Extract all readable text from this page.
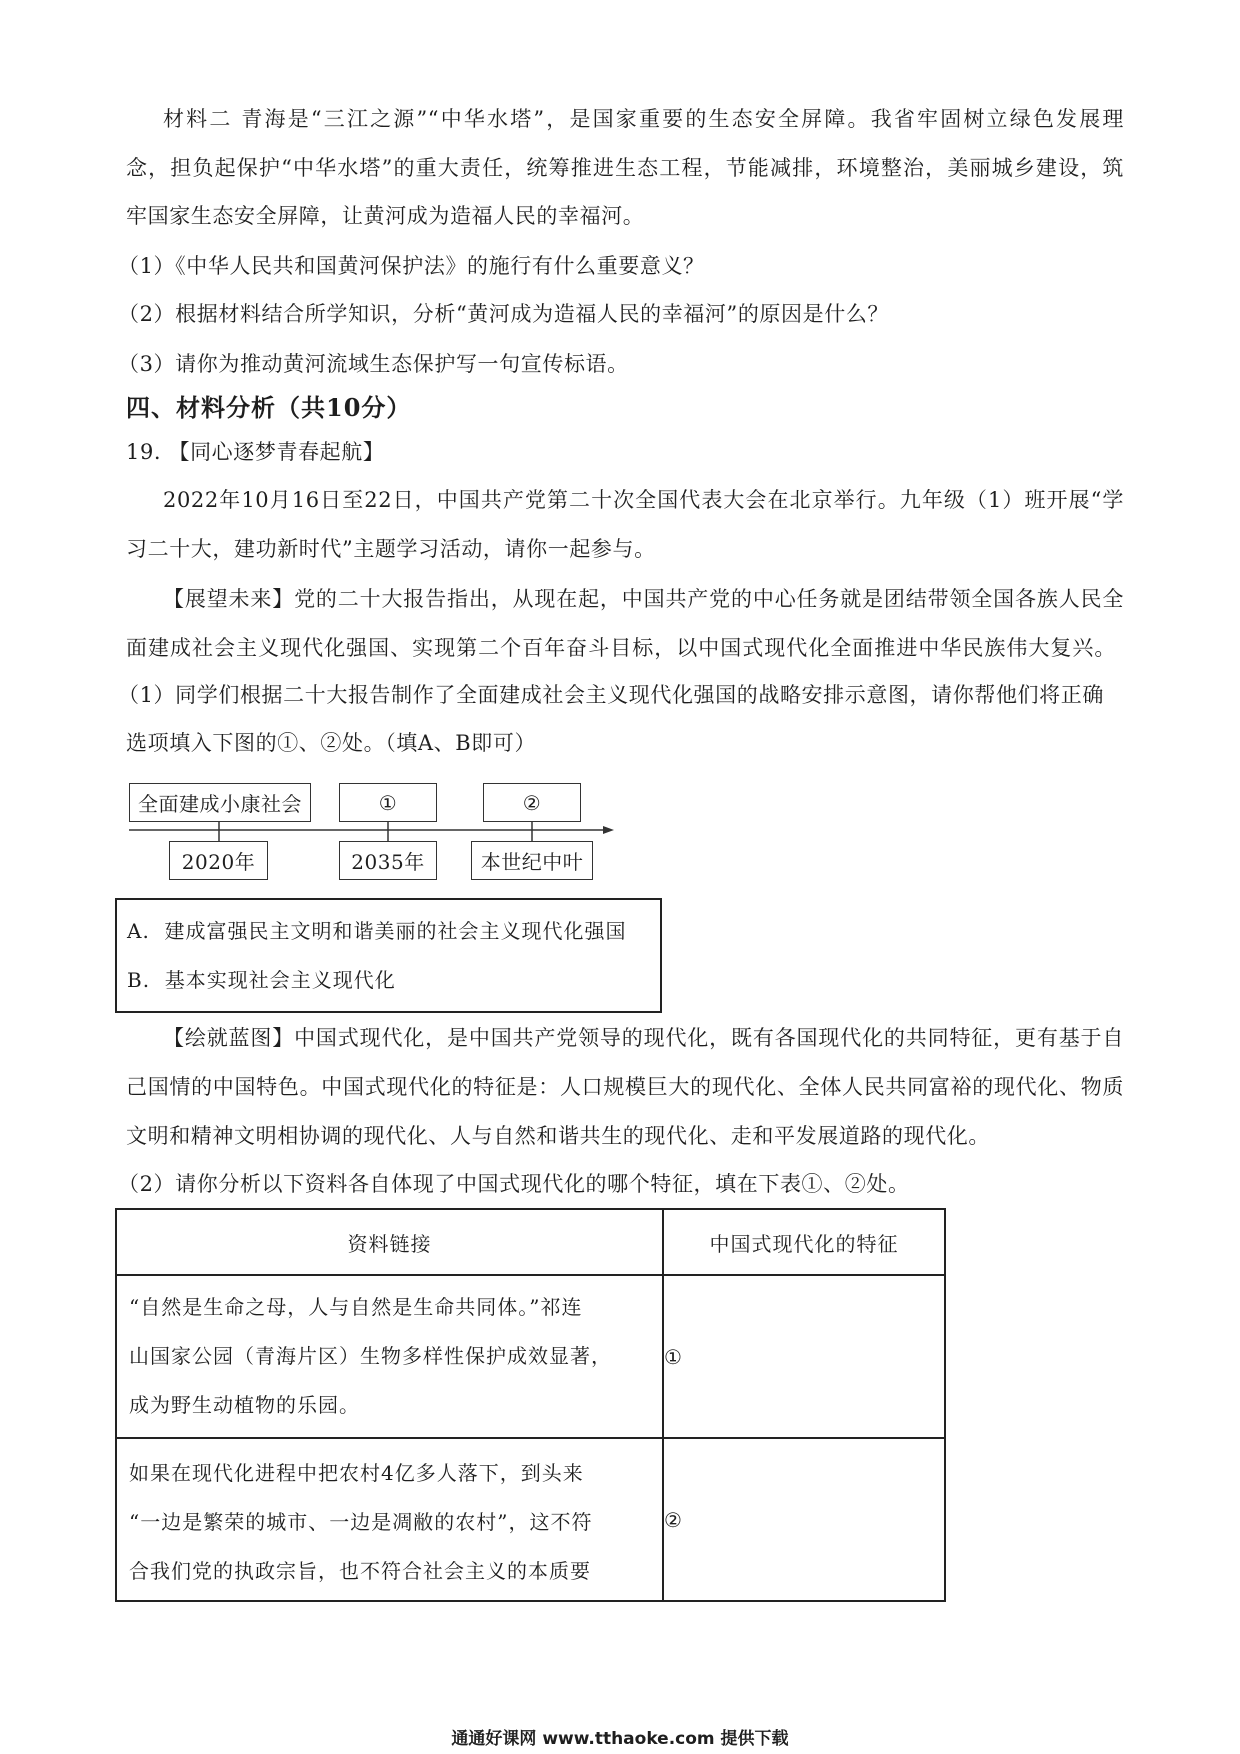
材料二 青海是“三江之源”“中华水塔”，是国家重要的生态安全屏障。我省牢固树立绿色发展理
念，担负起保护“中华水塔”的重大责任，统筹推进生态工程，节能减排，环境整治，美丽城乡建设，筑
牢国家生态安全屏障，让黄河成为造福人民的幸福河。
（1）《中华人民共和国黄河保护法》的施行有什么重要意义？
（2）根据材料结合所学知识，分析“黄河成为造福人民的幸福河”的原因是什么？
（3）请你为推动黄河流域生态保护写一句宣传标语。
四、材料分析（共10分）
19. 【同心逐梦青春起航】
2022年10月16日至22日，中国共产党第二十次全国代表大会在北京举行。九年级（1）班开展“学
习二十大，建功新时代”主题学习活动，请你一起参与。
【展望未来】党的二十大报告指出，从现在起，中国共产党的中心任务就是团结带领全国各族人民全
面建成社会主义现代化强国、实现第二个百年奋斗目标，以中国式现代化全面推进中华民族伟大复兴。
（1）同学们根据二十大报告制作了全面建成社会主义现代化强国的战略安排示意图，请你帮他们将正确
选项填入下图的①、②处。（填A、B即可）
全面建成小康社会	①	②
2020年	2035年	本世纪中叶
A.  建成富强民主文明和谐美丽的社会主义现代化强国
B.  基本实现社会主义现代化
【绘就蓝图】中国式现代化，是中国共产党领导的现代化，既有各国现代化的共同特征，更有基于自
己国情的中国特色。中国式现代化的特征是：人口规模巨大的现代化、全体人民共同富裕的现代化、物质
文明和精神文明相协调的现代化、人与自然和谐共生的现代化、走和平发展道路的现代化。
（2）请你分析以下资料各自体现了中国式现代化的哪个特征，填在下表①、②处。
资料链接	中国式现代化的特征

“自然是生命之母，人与自然是生命共同体。”祁连
山国家公园（青海片区）生物多样性保护成效显著，
成为野生动植物的乐园。	①

如果在现代化进程中把农村4亿多人落下，到头来
“一边是繁荣的城市、一边是凋敝的农村”，这不符
合我们党的执政宗旨，也不符合社会主义的本质要	②
通通好课网 www.tthaoke.com 提供下载
